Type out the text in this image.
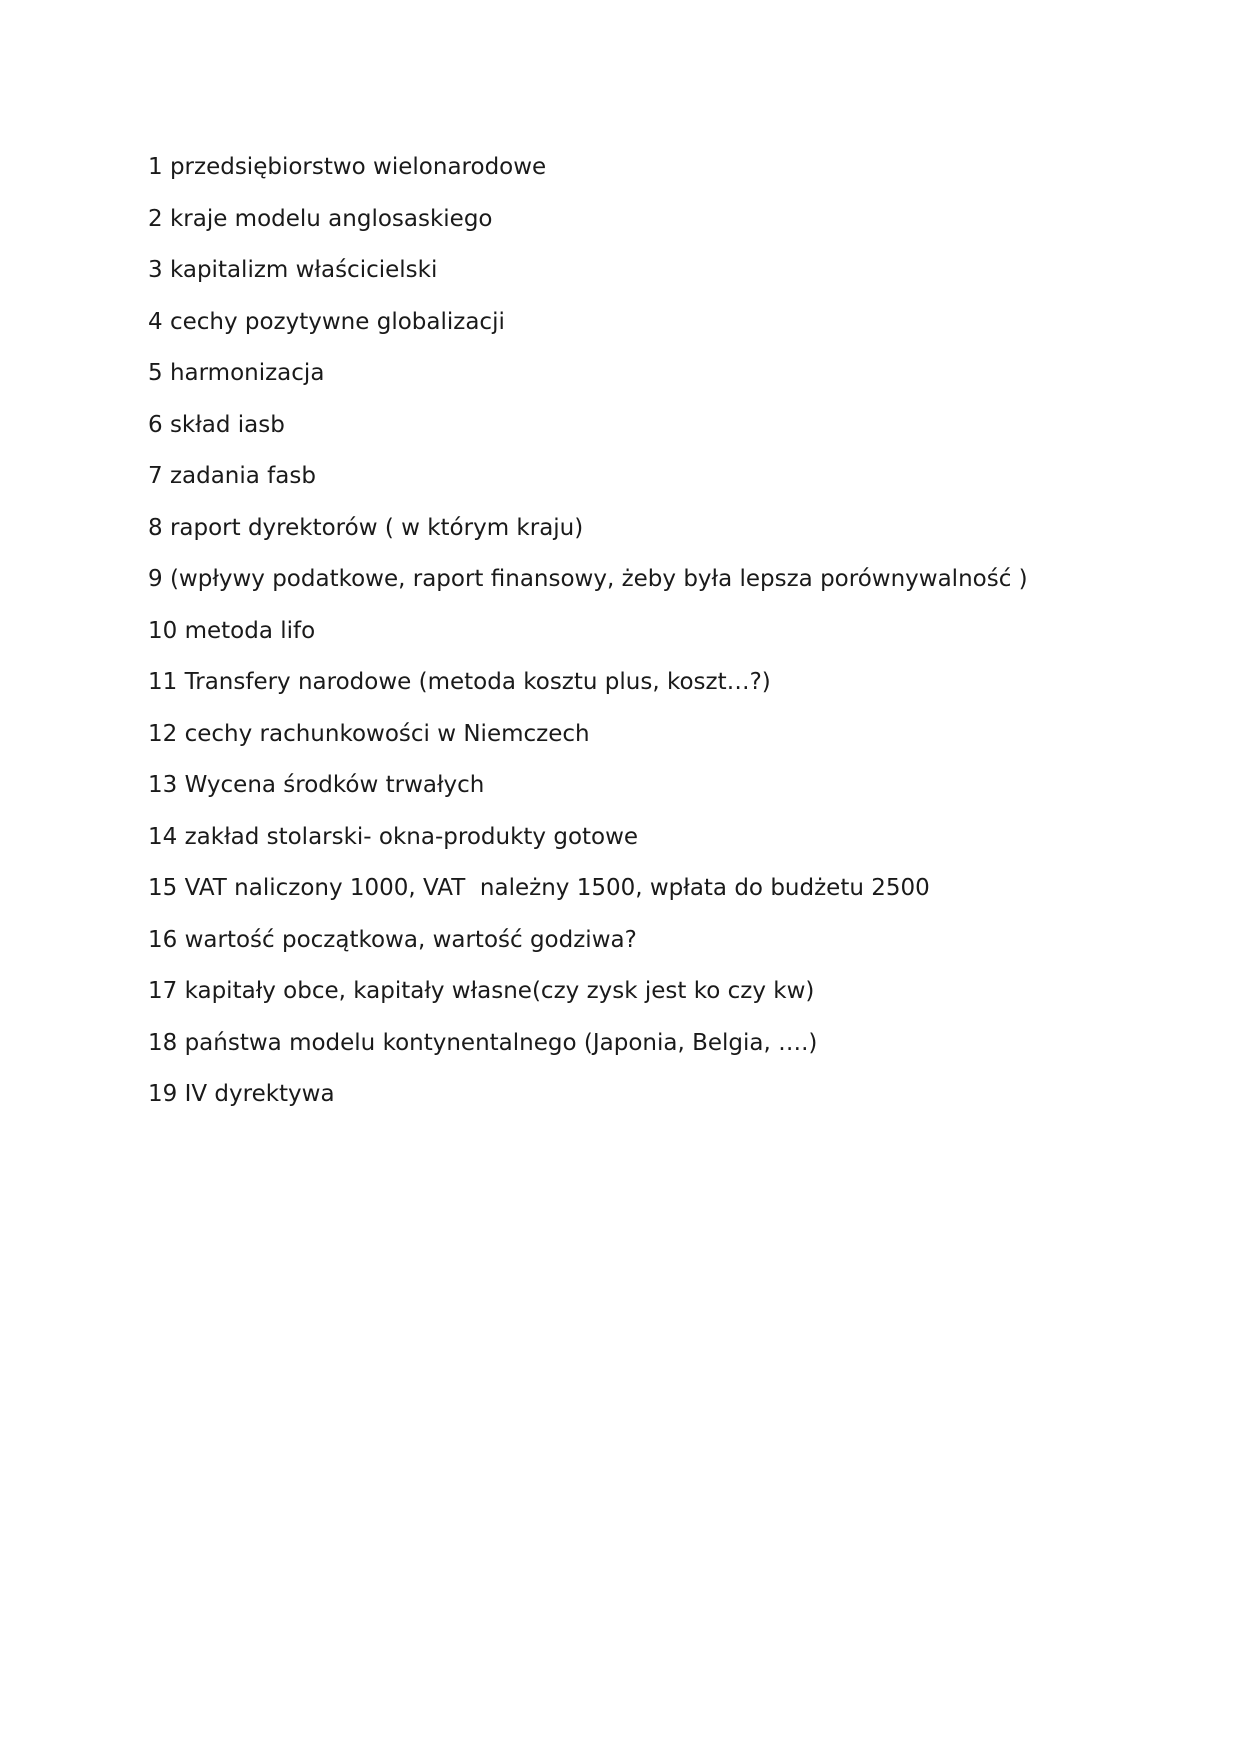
1 przedsiębiorstwo wielonarodowe
2 kraje modelu anglosaskiego
3 kapitalizm właścicielski
4 cechy pozytywne globalizacji
5 harmonizacja
6 skład iasb
7 zadania fasb
8 raport dyrektorów ( w którym kraju)
9 (wpływy podatkowe, raport finansowy, żeby była lepsza porównywalność )
10 metoda lifo
11 Transfery narodowe (metoda kosztu plus, koszt…?)
12 cechy rachunkowości w Niemczech
13 Wycena środków trwałych
14 zakład stolarski- okna-produkty gotowe
15 VAT naliczony 1000, VAT  należny 1500, wpłata do budżetu 2500
16 wartość początkowa, wartość godziwa?
17 kapitały obce, kapitały własne(czy zysk jest ko czy kw)
18 państwa modelu kontynentalnego (Japonia, Belgia, ….)
19 IV dyrektywa
